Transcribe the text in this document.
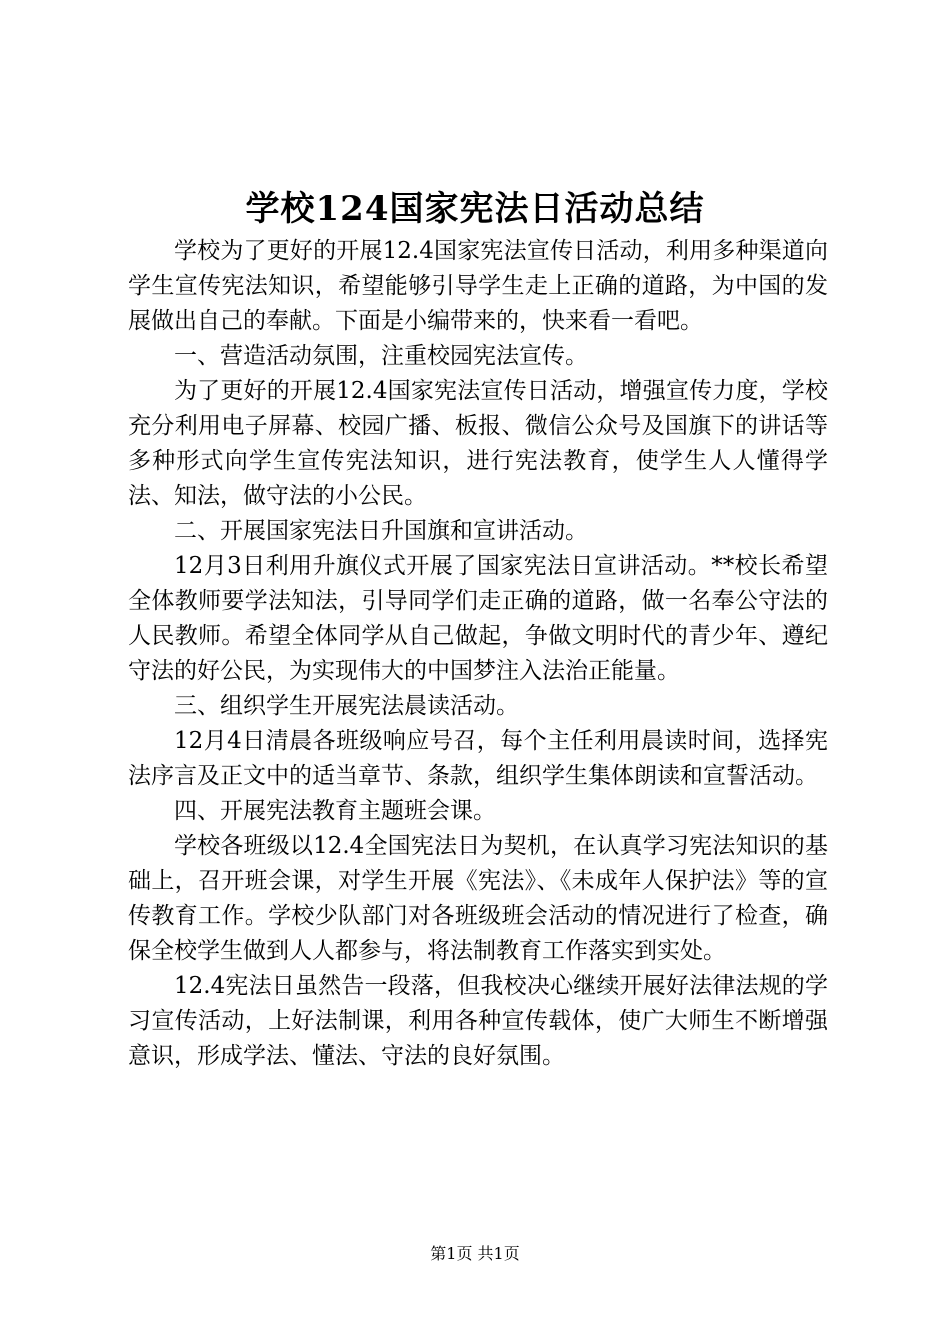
学校124国家宪法日活动总结

学校为了更好的开展12.4国家宪法宣传日活动，利用多种渠道向学生宣传宪法知识，希望能够引导学生走上正确的道路，为中国的发展做出自己的奉献。下面是小编带来的，快来看一看吧。

一、营造活动氛围，注重校园宪法宣传。

为了更好的开展12.4国家宪法宣传日活动，增强宣传力度，学校充分利用电子屏幕、校园广播、板报、微信公众号及国旗下的讲话等多种形式向学生宣传宪法知识，进行宪法教育，使学生人人懂得学法、知法，做守法的小公民。

二、开展国家宪法日升国旗和宣讲活动。

12月3日利用升旗仪式开展了国家宪法日宣讲活动。**校长希望全体教师要学法知法，引导同学们走正确的道路，做一名奉公守法的人民教师。希望全体同学从自己做起，争做文明时代的青少年、遵纪守法的好公民，为实现伟大的中国梦注入法治正能量。

三、组织学生开展宪法晨读活动。

12月4日清晨各班级响应号召，每个主任利用晨读时间，选择宪法序言及正文中的适当章节、条款，组织学生集体朗读和宣誓活动。

四、开展宪法教育主题班会课。

学校各班级以12.4全国宪法日为契机，在认真学习宪法知识的基础上，召开班会课，对学生开展《宪法》、《未成年人保护法》等的宣传教育工作。学校少队部门对各班级班会活动的情况进行了检查，确保全校学生做到人人都参与，将法制教育工作落实到实处。

12.4宪法日虽然告一段落，但我校决心继续开展好法律法规的学习宣传活动，上好法制课，利用各种宣传载体，使广大师生不断增强意识，形成学法、懂法、守法的良好氛围。

第1页 共1页
